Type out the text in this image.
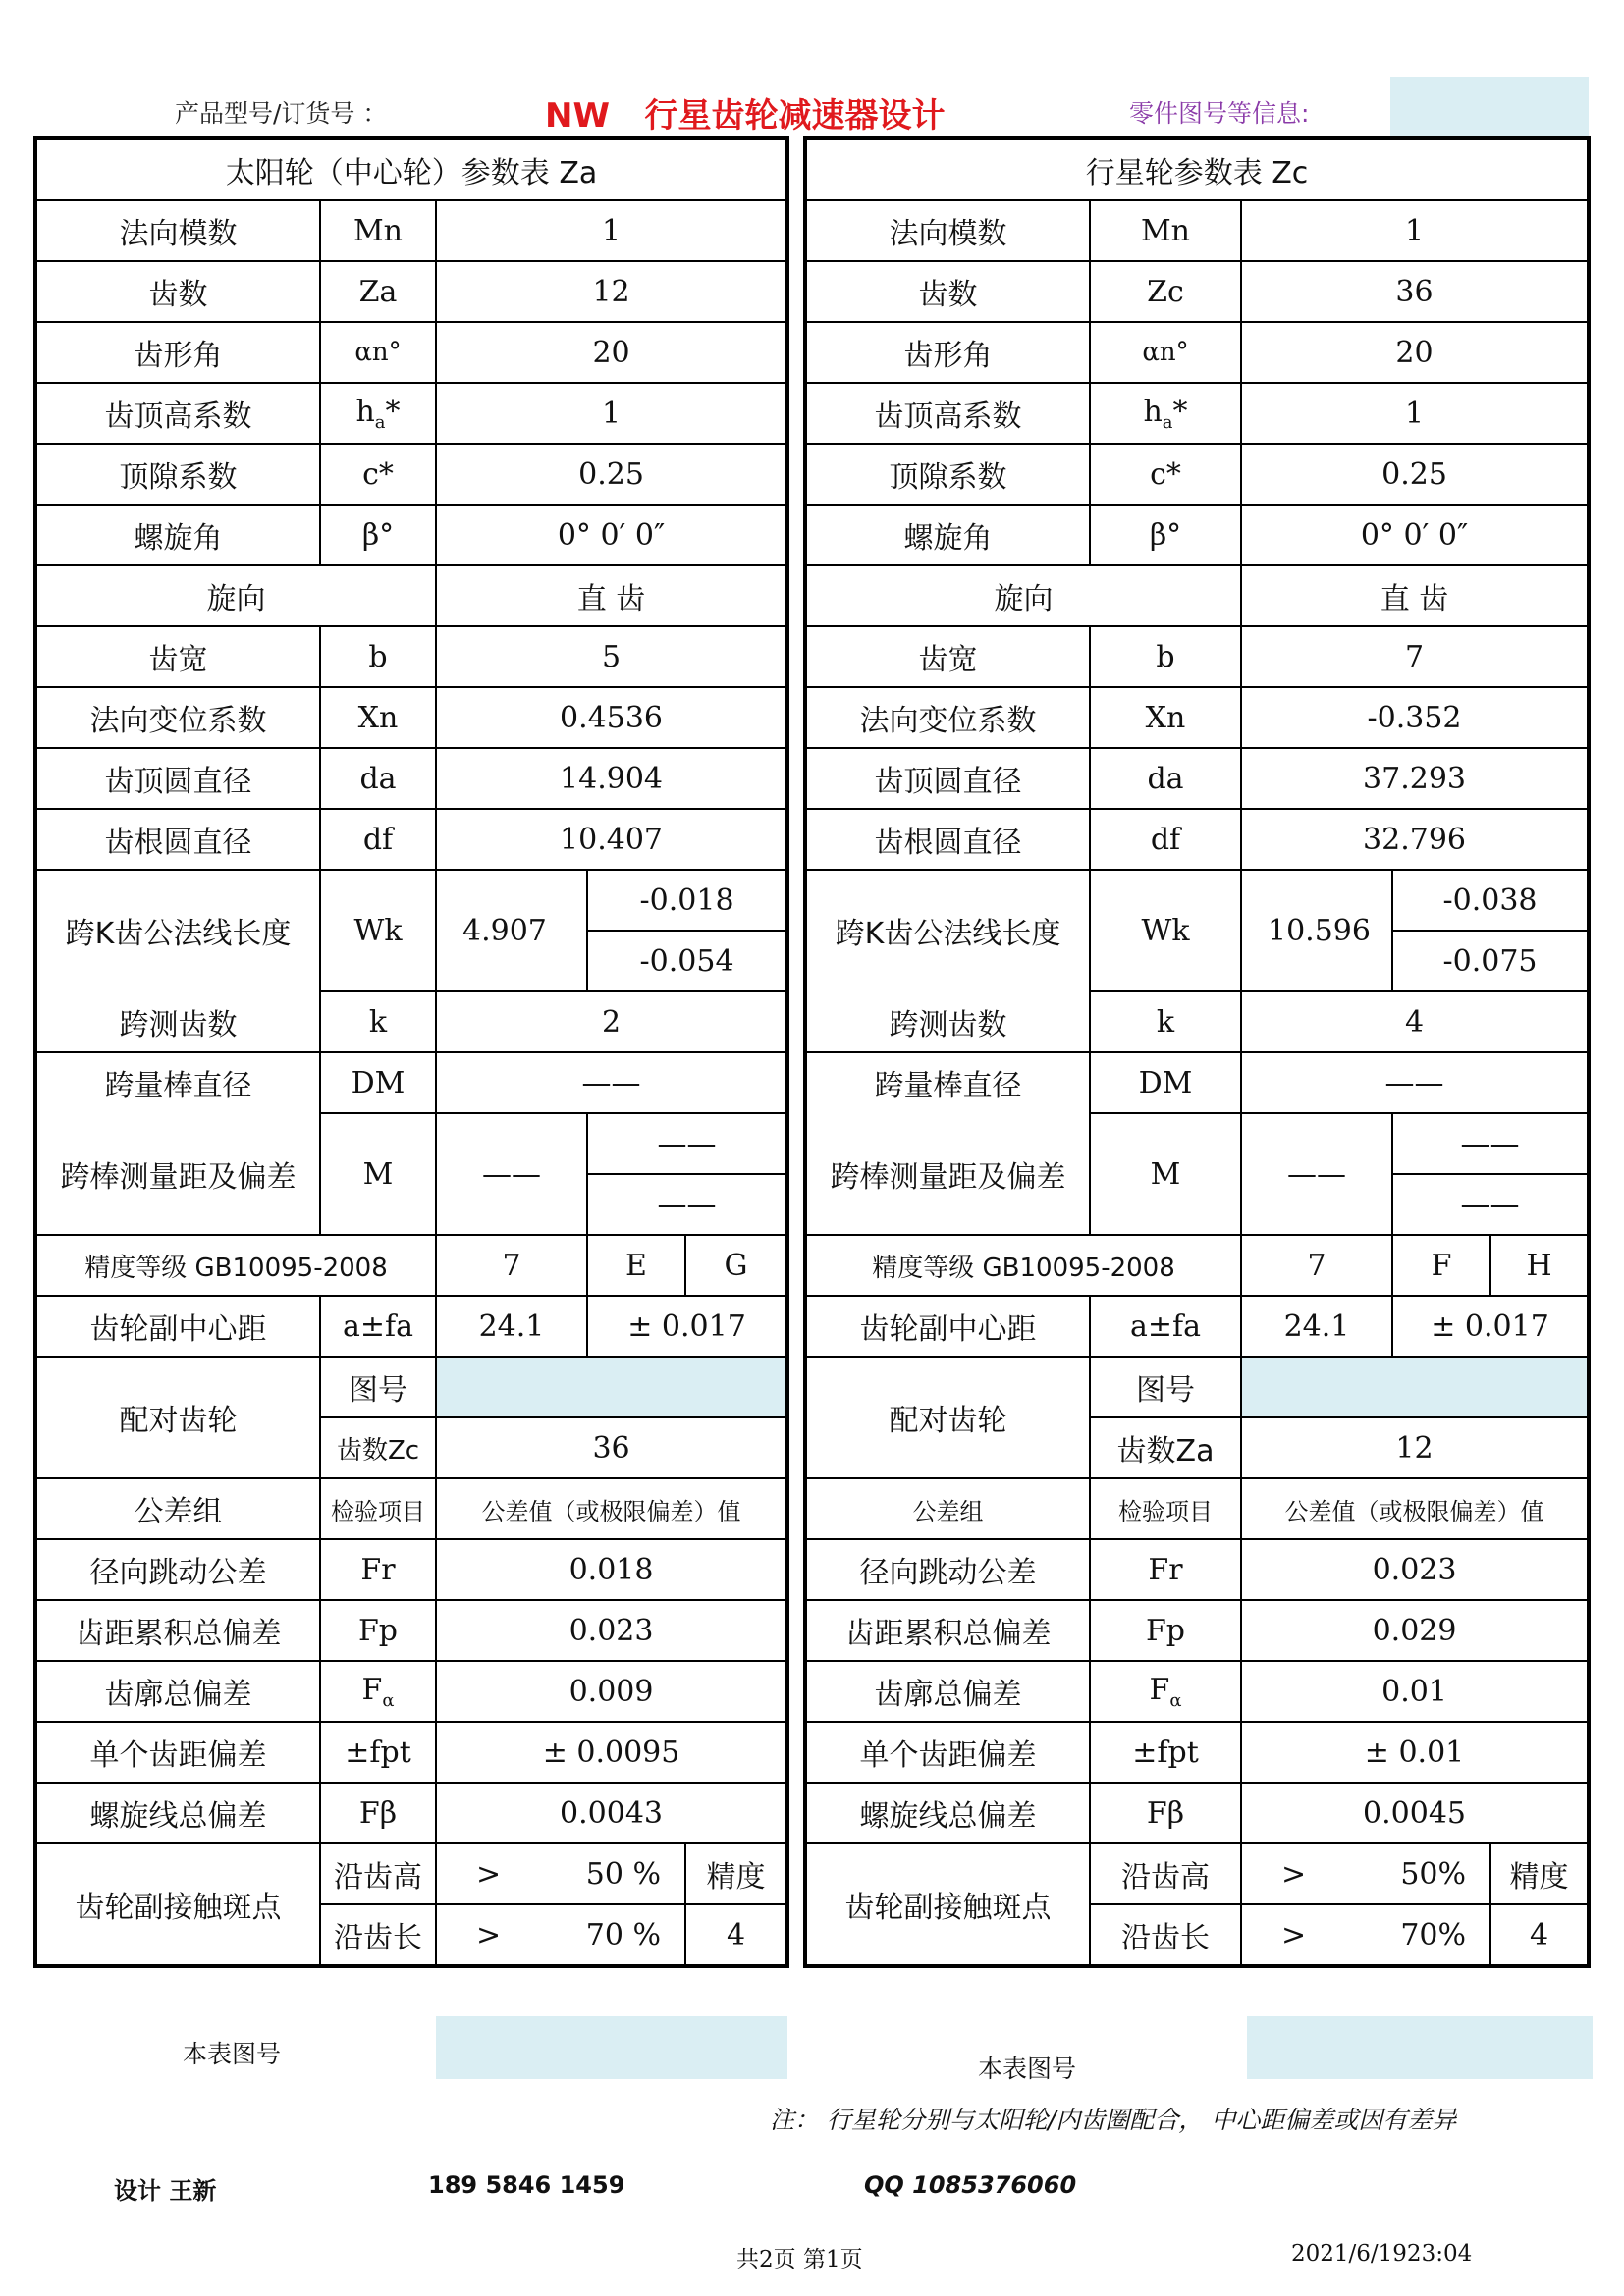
产品型号/订货号 ：	NW   行星齿轮减速器设计	零件图号等信息:
太阳轮（中心轮）参数表 Za				
法向模数	Mn	1		
齿数	Za	12		
齿形角	αn°	20		
齿顶高系数	$h_a*$	1		
顶隙系数	c*	0.25		
螺旋角	β°	0° 0′ 0″		
旋向		直 齿		
齿宽	b	5		
法向变位系数	Xn	0.4536		
齿顶圆直径	da	14.904		
齿根圆直径	df	10.407		
跨K齿公法线长度	Wk	4.907	-0.018	
			-0.054	
跨测齿数	k	2		
跨量棒直径	DM	——		
跨棒测量距及偏差	M	——	——	
			——	
精度等级 GB10095-2008		7	E	G
齿轮副中心距	a±fa	24.1	± 0.017	
配对齿轮	图号			
	齿数Zc	36		
公差组	检验项目	公差值（或极限偏差）值		
径向跳动公差	Fr	0.018		
齿距累积总偏差	Fp	0.023		
齿廓总偏差	$F_\alpha$	0.009		
单个齿距偏差	±fpt	± 0.0095		
螺旋线总偏差	Fβ	0.0043		
齿轮副接触斑点	沿齿高	> 50 %		精度
	沿齿长	> 70 %		4
行星轮参数表 Zc				
法向模数	Mn	1		
齿数	Zc	36		
齿形角	αn°	20		
齿顶高系数	$h_a*$	1		
顶隙系数	c*	0.25		
螺旋角	β°	0° 0′ 0″		
旋向		直 齿		
齿宽	b	7		
法向变位系数	Xn	-0.352		
齿顶圆直径	da	37.293		
齿根圆直径	df	32.796		
跨K齿公法线长度	Wk	10.596	-0.038	
			-0.075	
跨测齿数	k	4		
跨量棒直径	DM	——		
跨棒测量距及偏差	M	——	——	
			——	
精度等级 GB10095-2008		7	F	H
齿轮副中心距	a±fa	24.1	± 0.017	
配对齿轮	图号			
	齿数Za	12		
公差组	检验项目	公差值（或极限偏差）值		
径向跳动公差	Fr	0.023		
齿距累积总偏差	Fp	0.029		
齿廓总偏差	$F_\alpha$	0.01		
单个齿距偏差	±fpt	± 0.01		
螺旋线总偏差	Fβ	0.0045		
齿轮副接触斑点	沿齿高	> 50%		精度
	沿齿长	> 70%		4
本表图号
本表图号
注： 行星轮分别与太阳轮/内齿圈配合， 中心距偏差或因有差异
设计 王新	189 5846 1459	QQ 1085376060
共2页 第1页	2021/6/1923:04
